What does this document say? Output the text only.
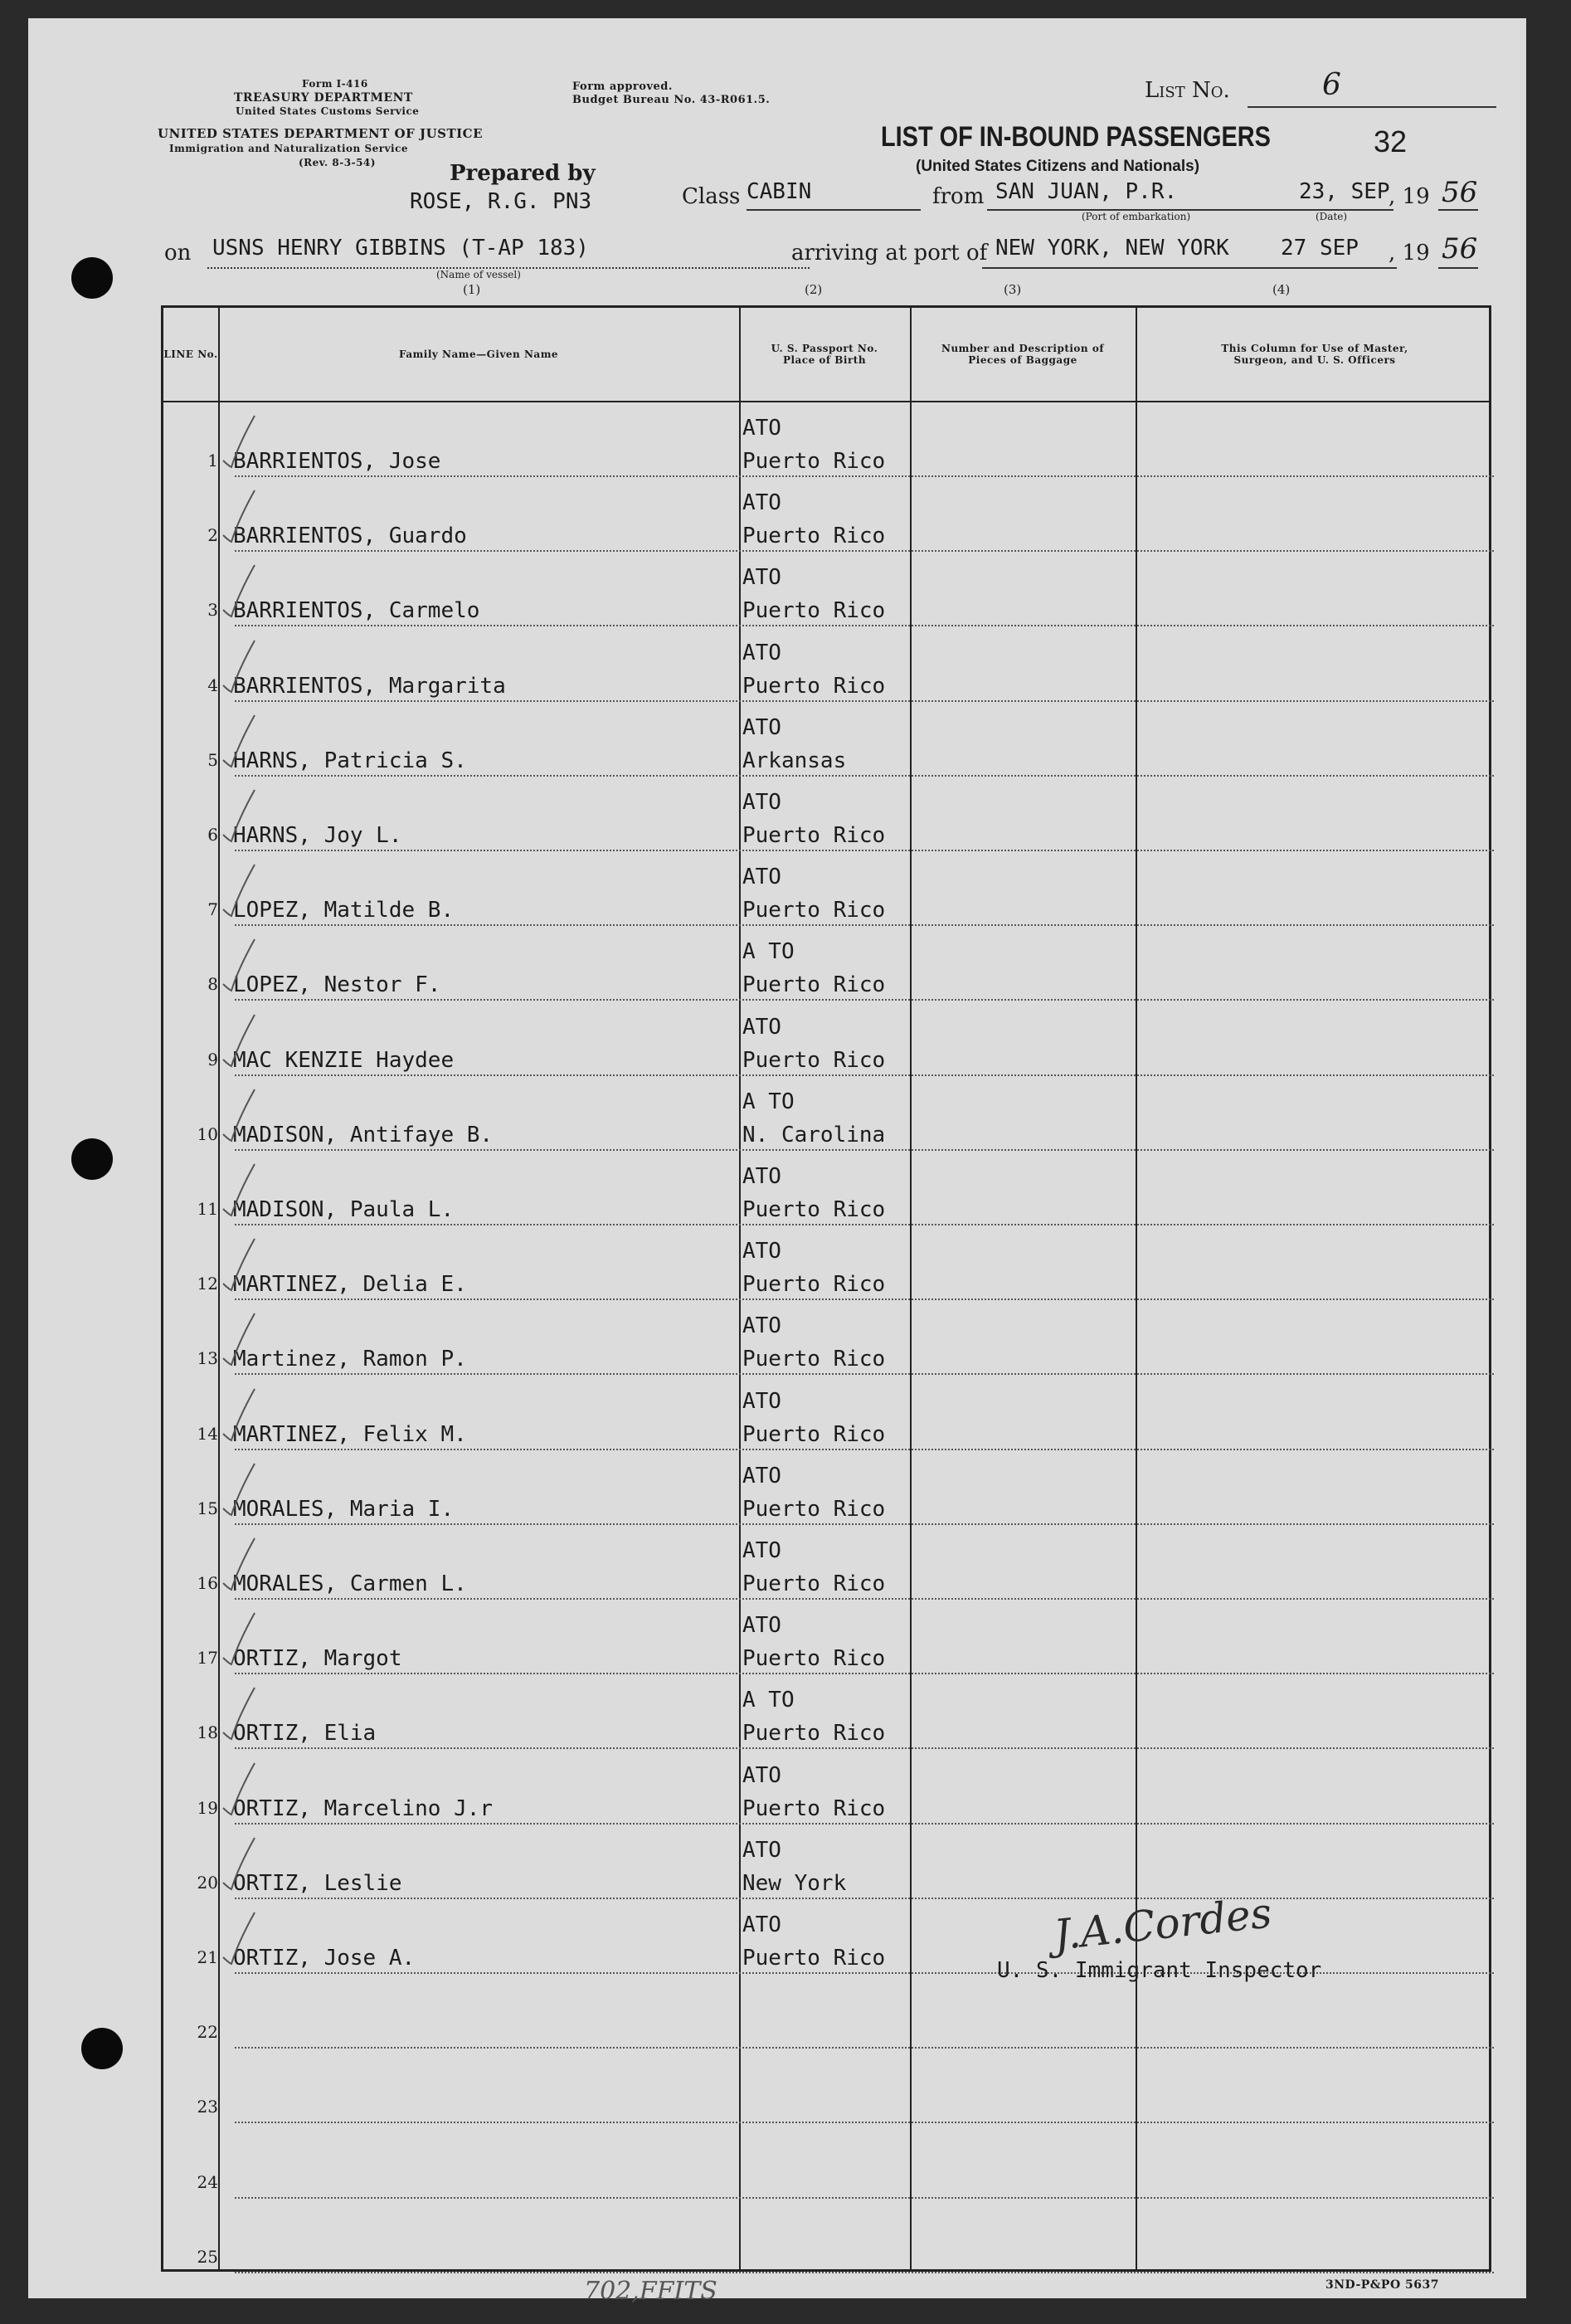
Form I-416
TREASURY DEPARTMENT
United States Customs Service
UNITED STATES DEPARTMENT OF JUSTICE
Immigration and Naturalization Service
(Rev. 8-3-54)
Form approved.
Budget Bureau No. 43-R061.5.
Prepared by
ROSE, R.G. PN3
List No.	6
32
LIST OF IN-BOUND PASSENGERS
(United States Citizens and Nationals)
Class CABIN	from SAN JUAN, P.R.	23, SEP
(Port of embarkation)	(Date)
, 19 56
on USNS HENRY GIBBINS (T-AP 183)
(Name of vessel)
arriving at port of NEW YORK, NEW YORK 27 SEP , 19 56
(1)	(2)	(3)	(4)
LINE No.	Family Name—Given Name	U. S. Passport No. Place of Birth
Number and Description of Pieces of Baggage
This Column for Use of Master, Surgeon, and U. S. Officers
1 BARRIENTOS, Jose
ATO
Puerto Rico
2 BARRIENTOS, Guardo
ATO
Puerto Rico
3 BARRIENTOS, Carmelo
ATO
Puerto Rico
4 BARRIENTOS, Margarita
ATO
Puerto Rico
5 HARNS, Patricia S.
ATO
Arkansas
6 HARNS, Joy L.
ATO
Puerto Rico
7 LOPEZ, Matilde B.
ATO
Puerto Rico
8 LOPEZ, Nestor F.
A TO
Puerto Rico
9 MAC KENZIE Haydee
ATO
Puerto Rico
10 MADISON, Antifaye B.
A TO
N. Carolina
11 MADISON, Paula L.
ATO
Puerto Rico
12 MARTINEZ, Delia E.
ATO
Puerto Rico
13 Martinez, Ramon P.
ATO
Puerto Rico
14 MARTINEZ, Felix M.
ATO
Puerto Rico
15 MORALES, Maria I.
ATO
Puerto Rico
16 MORALES, Carmen L.
ATO
Puerto Rico
17 ORTIZ, Margot
ATO
Puerto Rico
18 ORTIZ, Elia
A TO
Puerto Rico
19 ORTIZ, Marcelino J.r
ATO
Puerto Rico
20 ORTIZ, Leslie
ATO
New York
21 ORTIZ, Jose A.
ATO
Puerto Rico
22
23
24
25
J.A.Cordes
U. S. Immigrant Inspector
702,FFITS	3ND-P&PO 5637
